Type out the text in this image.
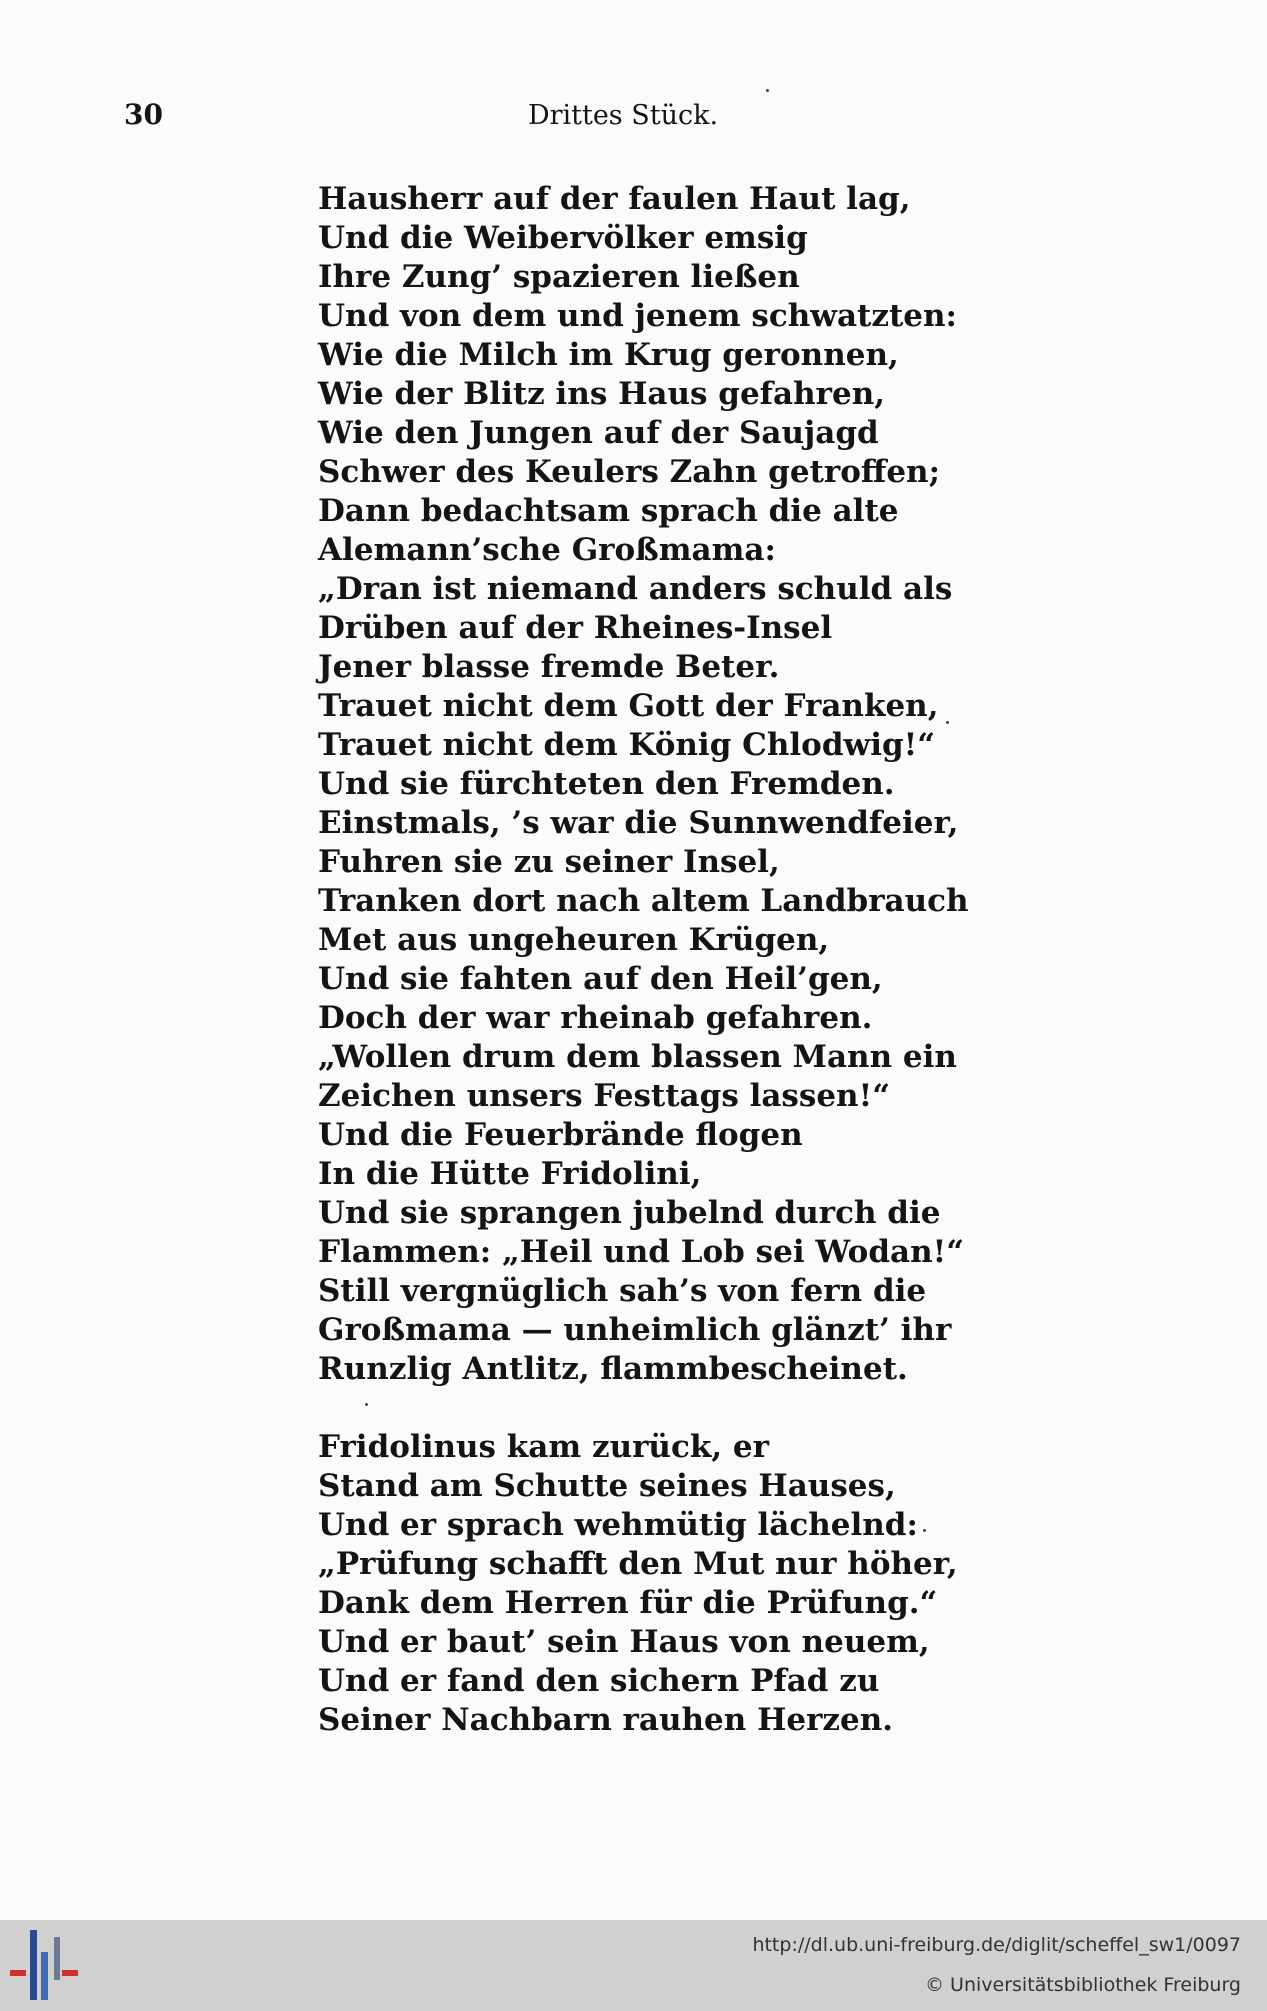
30	Drittes Stück.
Hausherr auf der faulen Haut lag,
Und die Weibervölker emsig
Ihre Zung’ spazieren ließen
Und von dem und jenem schwatzten:
Wie die Milch im Krug geronnen,
Wie der Blitz ins Haus gefahren,
Wie den Jungen auf der Saujagd
Schwer des Keulers Zahn getroffen;
Dann bedachtsam sprach die alte
Alemann’sche Großmama:
„Dran ist niemand anders schuld als
Drüben auf der Rheines-Insel
Jener blasse fremde Beter.
Trauet nicht dem Gott der Franken,
Trauet nicht dem König Chlodwig!“
Und sie fürchteten den Fremden.
Einstmals, ’s war die Sunnwendfeier,
Fuhren sie zu seiner Insel,
Tranken dort nach altem Landbrauch
Met aus ungeheuren Krügen,
Und sie fahten auf den Heil’gen,
Doch der war rheinab gefahren.
„Wollen drum dem blassen Mann ein
Zeichen unsers Festtags lassen!“
Und die Feuerbrände flogen
In die Hütte Fridolini,
Und sie sprangen jubelnd durch die
Flammen: „Heil und Lob sei Wodan!“
Still vergnüglich sah’s von fern die
Großmama — unheimlich glänzt’ ihr
Runzlig Antlitz, flammbescheinet.
Fridolinus kam zurück, er
Stand am Schutte seines Hauses,
Und er sprach wehmütig lächelnd:
„Prüfung schafft den Mut nur höher,
Dank dem Herren für die Prüfung.“
Und er baut’ sein Haus von neuem,
Und er fand den sichern Pfad zu
Seiner Nachbarn rauhen Herzen.
http://dl.ub.uni-freiburg.de/diglit/scheffel_sw1/0097
© Universitätsbibliothek Freiburg
